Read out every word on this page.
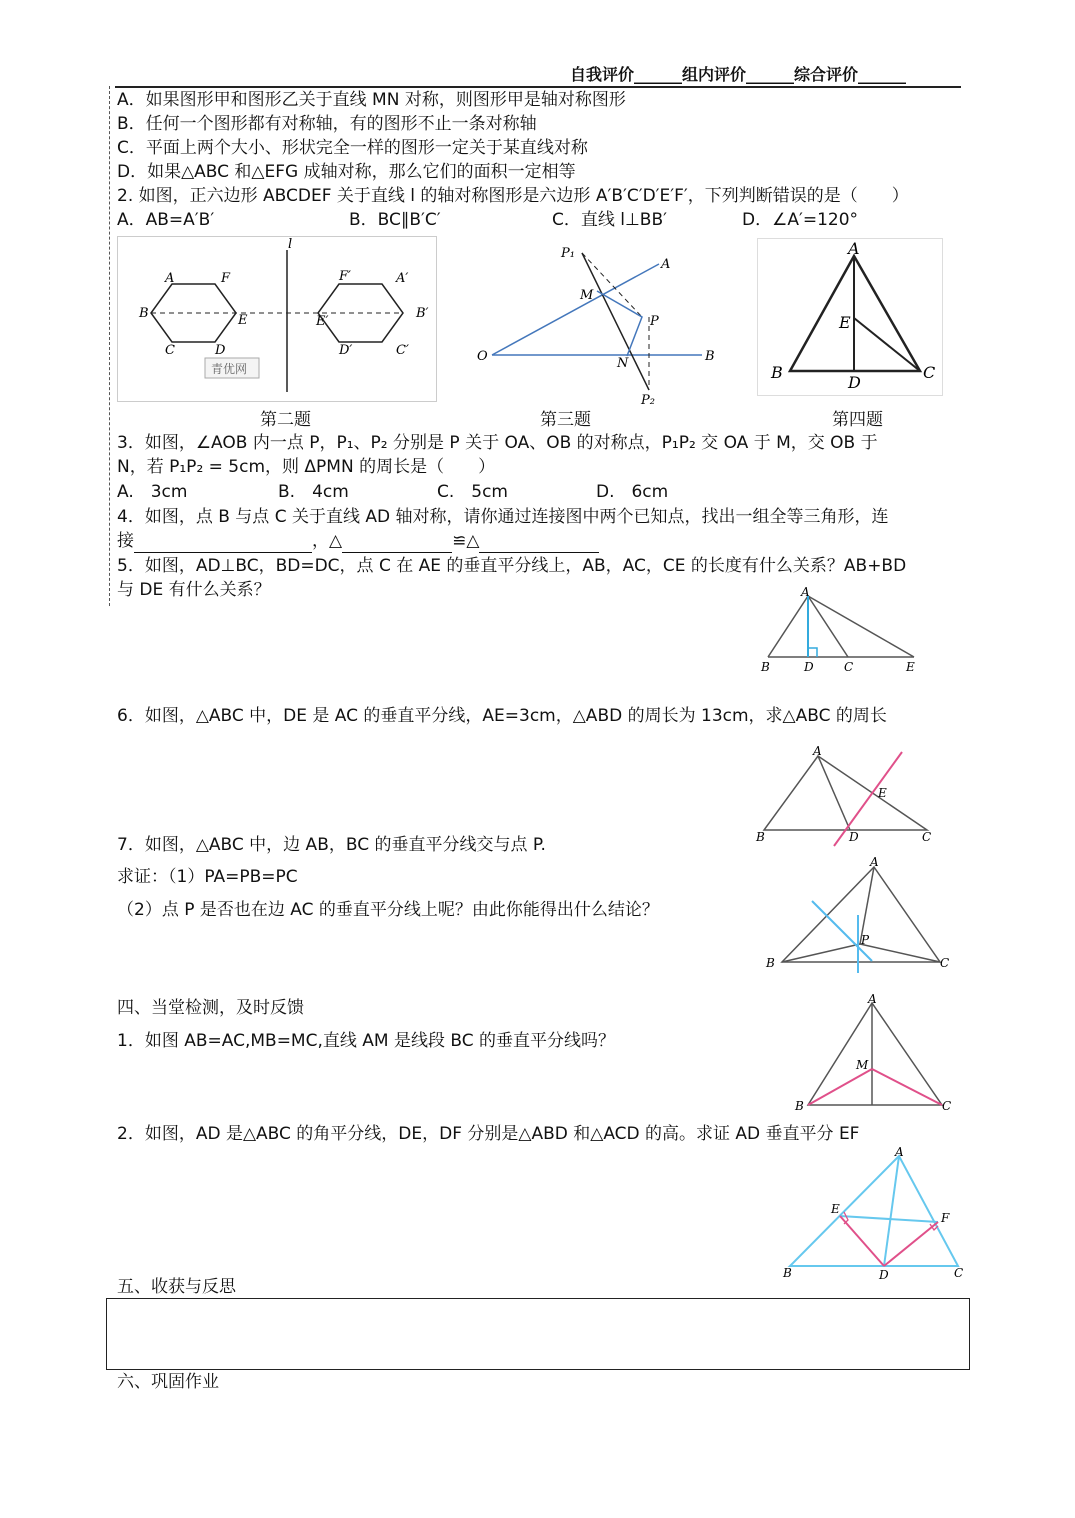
自我评价______组内评价______综合评价______
A．如果图形甲和图形乙关于直线 MN 对称，则图形甲是轴对称图形
B．任何一个图形都有对称轴，有的图形不止一条对称轴
C．平面上两个大小、形状完全一样的图形一定关于某直线对称
D．如果△ABC 和△EFG 成轴对称，那么它们的面积一定相等
2. 如图，正六边形 ABCDEF 关于直线 l 的轴对称图形是六边形 A′B′C′D′E′F′，下列判断错误的是（　　）
A．AB=A′B′	B．BC∥B′C′	C．直线 l⊥BB′	D．∠A′=120°
A	F
B	E
C	D
F′	A′
E′
B′
D′	C′
l
青优网
P₁
A
M
P
O	N	B
P₂
A
E
B
D
C
第二题	第三题	第四题
3．如图，∠AOB 内一点 P，P₁、P₂ 分别是 P 关于 OA、OB 的对称点，P₁P₂ 交 OA 于 M，交 OB 于
N，若 P₁P₂ = 5cm，则 ΔPMN 的周长是（　　）
A.　3cm	B.　4cm	C.　5cm	D.　6cm
4．如图，点 B 与点 C 关于直线 AD 轴对称，请你通过连接图中两个已知点，找出一组全等三角形，连
接	，△	≌△
5．如图，AD⊥BC，BD=DC，点 C 在 AE 的垂直平分线上，AB，AC，CE 的长度有什么关系？AB+BD
与 DE 有什么关系？	A
B	D	C	E
6．如图，△ABC 中，DE 是 AC 的垂直平分线，AE=3cm，△ABD 的周长为 13cm，求△ABC 的周长
A
E
B	D	C
7．如图，△ABC 中，边 AB，BC 的垂直平分线交与点 P.
求证：（1）PA=PB=PC
（2）点 P 是否也在边 AC 的垂直平分线上呢？由此你能得出什么结论？
A
P
B	C
四、当堂检测，及时反馈
1．如图 AB=AC,MB=MC,直线 AM 是线段 BC 的垂直平分线吗？
A
M
B	C
2．如图，AD 是△ABC 的角平分线，DE，DF 分别是△ABD 和△ACD 的高。求证 AD 垂直平分 EF
A
E
F
B	D	C
五、收获与反思
六、巩固作业
